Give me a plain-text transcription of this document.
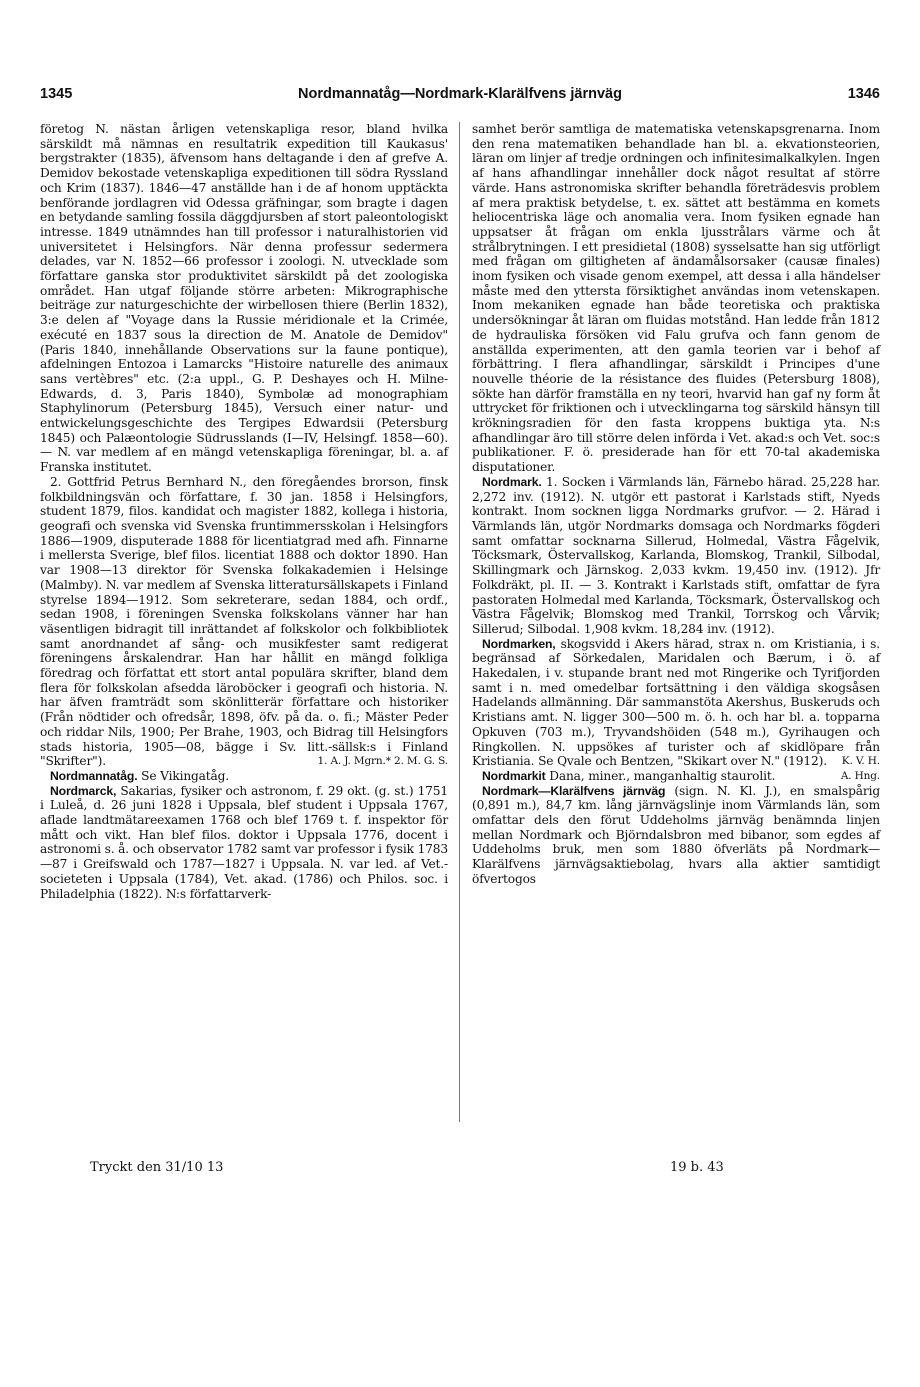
1345	Nordmannatåg—Nordmark-Klarälfvens järnväg	1346

företog N. nästan årligen vetenskapliga resor, bland hvilka särskildt må nämnas en resultatrik expedition till Kaukasus' bergstrakter (1835), äfvensom hans deltagande i den af grefve A. Demidov bekostade vetenskapliga expeditionen till södra Ryssland och Krim (1837). 1846—47 anställde han i de af honom upptäckta benförande jordlagren vid Odessa gräfningar, som bragte i dagen en betydande samling fossila däggdjursben af stort paleontologiskt intresse. 1849 utnämndes han till professor i naturalhistorien vid universitetet i Helsingfors. När denna professur sedermera delades, var N. 1852—66 professor i zoologi. N. utvecklade som författare ganska stor produktivitet särskildt på det zoologiska området. Han utgaf följande större arbeten: Mikrographische beiträge zur naturgeschichte der wirbellosen thiere (Berlin 1832), 3:e delen af "Voyage dans la Russie méridionale et la Crimée, exécuté en 1837 sous la direction de M. Anatole de Demidov" (Paris 1840, innehållande Observations sur la faune pontique), afdelningen Entozoa i Lamarcks "Histoire naturelle des animaux sans vertèbres" etc. (2:a uppl., G. P. Deshayes och H. Milne-Edwards, d. 3, Paris 1840), Symbolæ ad monographiam Staphylinorum (Petersburg 1845), Versuch einer natur- und entwickelungsgeschichte des Tergipes Edwardsii (Petersburg 1845) och Palæontologie Südrusslands (I—IV, Helsingf. 1858—60). — N. var medlem af en mängd vetenskapliga föreningar, bl. a. af Franska institutet.

2. Gottfrid Petrus Bernhard N., den föregåendes brorson, finsk folkbildningsvän och författare, f. 30 jan. 1858 i Helsingfors, student 1879, filos. kandidat och magister 1882, kollega i historia, geografi och svenska vid Svenska fruntimmersskolan i Helsingfors 1886—1909, disputerade 1888 för licentiatgrad med afh. Finnarne i mellersta Sverige, blef filos. licentiat 1888 och doktor 1890. Han var 1908—13 direktor för Svenska folkakademien i Helsinge (Malmby). N. var medlem af Svenska litteratursällskapets i Finland styrelse 1894—1912. Som sekreterare, sedan 1884, och ordf., sedan 1908, i föreningen Svenska folkskolans vänner har han väsentligen bidragit till inrättandet af folkskolor och folkbibliotek samt anordnandet af sång- och musikfester samt redigerat föreningens årskalendrar. Han har hållit en mängd folkliga föredrag och författat ett stort antal populära skrifter, bland dem flera för folkskolan afsedda läroböcker i geografi och historia. N. har äfven framträdt som skönlitterär författare och historiker (Från nödtider och ofredsår, 1898, öfv. på da. o. fi.; Mäster Peder och riddar Nils, 1900; Per Brahe, 1903, och Bidrag till Helsingfors stads historia, 1905—08, bägge i Sv. litt.-sällsk:s i Finland "Skrifter").	1. A. J. Mgrn.* 2. M. G. S.

Nordmannatåg. Se Vikingatåg.

Nordmarck, Sakarias, fysiker och astronom, f. 29 okt. (g. st.) 1751 i Luleå, d. 26 juni 1828 i Uppsala, blef student i Uppsala 1767, aflade landtmätareexamen 1768 och blef 1769 t. f. inspektor för mått och vikt. Han blef filos. doktor i Uppsala 1776, docent i astronomi s. å. och observator 1782 samt var professor i fysik 1783—87 i Greifswald och 1787—1827 i Uppsala. N. var led. af Vet.-societeten i Uppsala (1784), Vet. akad. (1786) och Philos. soc. i Philadelphia (1822). N:s författarverk-

samhet berör samtliga de matematiska vetenskapsgrenarna. Inom den rena matematiken behandlade han bl. a. ekvationsteorien, läran om linjer af tredje ordningen och infinitesimalkalkylen. Ingen af hans afhandlingar innehåller dock något resultat af större värde. Hans astronomiska skrifter behandla företrädesvis problem af mera praktisk betydelse, t. ex. sättet att bestämma en komets heliocentriska läge och anomalia vera. Inom fysiken egnade han uppsatser åt frågan om enkla ljusstrålars värme och åt strålbrytningen. I ett presidietal (1808) sysselsatte han sig utförligt med frågan om giltigheten af ändamålsorsaker (causæ finales) inom fysiken och visade genom exempel, att dessa i alla händelser måste med den yttersta försiktighet användas inom vetenskapen. Inom mekaniken egnade han både teoretiska och praktiska undersökningar åt läran om fluidas motstånd. Han ledde från 1812 de hydrauliska försöken vid Falu grufva och fann genom de anställda experimenten, att den gamla teorien var i behof af förbättring. I flera afhandlingar, särskildt i Principes d'une nouvelle théorie de la résistance des fluides (Petersburg 1808), sökte han därför framställa en ny teori, hvarvid han gaf ny form åt uttrycket för friktionen och i utvecklingarna tog särskild hänsyn till krökningsradien för den fasta kroppens buktiga yta. N:s afhandlingar äro till större delen införda i Vet. akad:s och Vet. soc:s publikationer. F. ö. presiderade han för ett 70-tal akademiska disputationer.

Nordmark. 1. Socken i Värmlands län, Färnebo härad. 25,228 har. 2,272 inv. (1912). N. utgör ett pastorat i Karlstads stift, Nyeds kontrakt. Inom socknen ligga Nordmarks grufvor. — 2. Härad i Värmlands län, utgör Nordmarks domsaga och Nordmarks fögderi samt omfattar socknarna Sillerud, Holmedal, Västra Fågelvik, Töcksmark, Östervallskog, Karlanda, Blomskog, Trankil, Silbodal, Skillingmark och Järnskog. 2,033 kvkm. 19,450 inv. (1912). Jfr Folkdräkt, pl. II. — 3. Kontrakt i Karlstads stift, omfattar de fyra pastoraten Holmedal med Karlanda, Töcksmark, Östervallskog och Västra Fågelvik; Blomskog med Trankil, Torrskog och Vårvik; Sillerud; Silbodal. 1,908 kvkm. 18,284 inv. (1912).

Nordmarken, skogsvidd i Akers härad, strax n. om Kristiania, i s. begränsad af Sörkedalen, Maridalen och Bærum, i ö. af Hakedalen, i v. stupande brant ned mot Ringerike och Tyrifjorden samt i n. med omedelbar fortsättning i den väldiga skogsåsen Hadelands allmänning. Där sammanstöta Akershus, Buskeruds och Kristians amt. N. ligger 300—500 m. ö. h. och har bl. a. topparna Opkuven (703 m.), Tryvandshöiden (548 m.), Gyrihaugen och Ringkollen. N. uppsökes af turister och af skidlöpare från Kristiania. Se Qvale och Bentzen, "Skikart over N." (1912).	K. V. H.

Nordmarkit Dana, miner., manganhaltig staurolit.	A. Hng.

Nordmark—Klarälfvens järnväg (sign. N. Kl. J.), en smalspårig (0,891 m.), 84,7 km. lång järnvägslinje inom Värmlands län, som omfattar dels den förut Uddeholms järnväg benämnda linjen mellan Nordmark och Björndalsbron med bibanor, som egdes af Uddeholms bruk, men som 1880 öfverläts på Nordmark—Klarälfvens järnvägsaktiebolag, hvars alla aktier samtidigt öfvertogos

Tryckt den 31/10 13	19 b. 43
